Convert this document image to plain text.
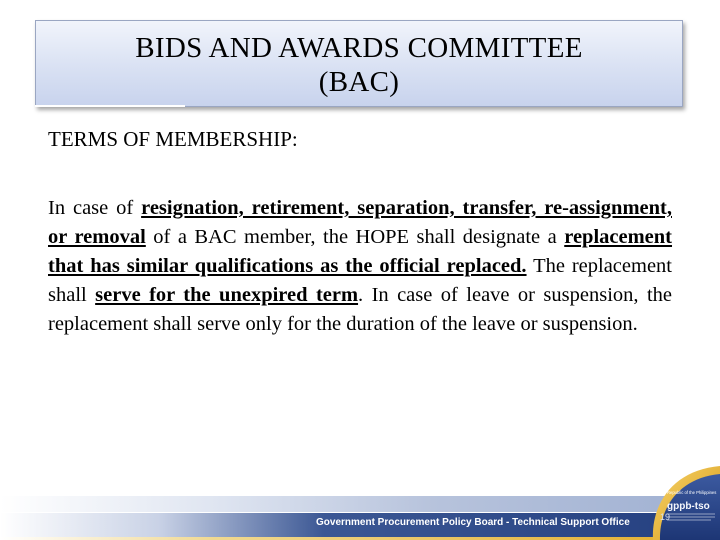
BIDS AND AWARDS COMMITTEE
(BAC)
TERMS OF MEMBERSHIP:

In case of resignation, retirement, separation, transfer, re-assignment, or removal of a BAC member, the HOPE shall designate a replacement that has similar qualifications as the official replaced. The replacement shall serve for the unexpired term. In case of leave or suspension, the replacement shall serve only for the duration of the leave or suspension.

Government Procurement Policy Board - Technical Support Office
Republic of the Philippines
gppb-tso
19
